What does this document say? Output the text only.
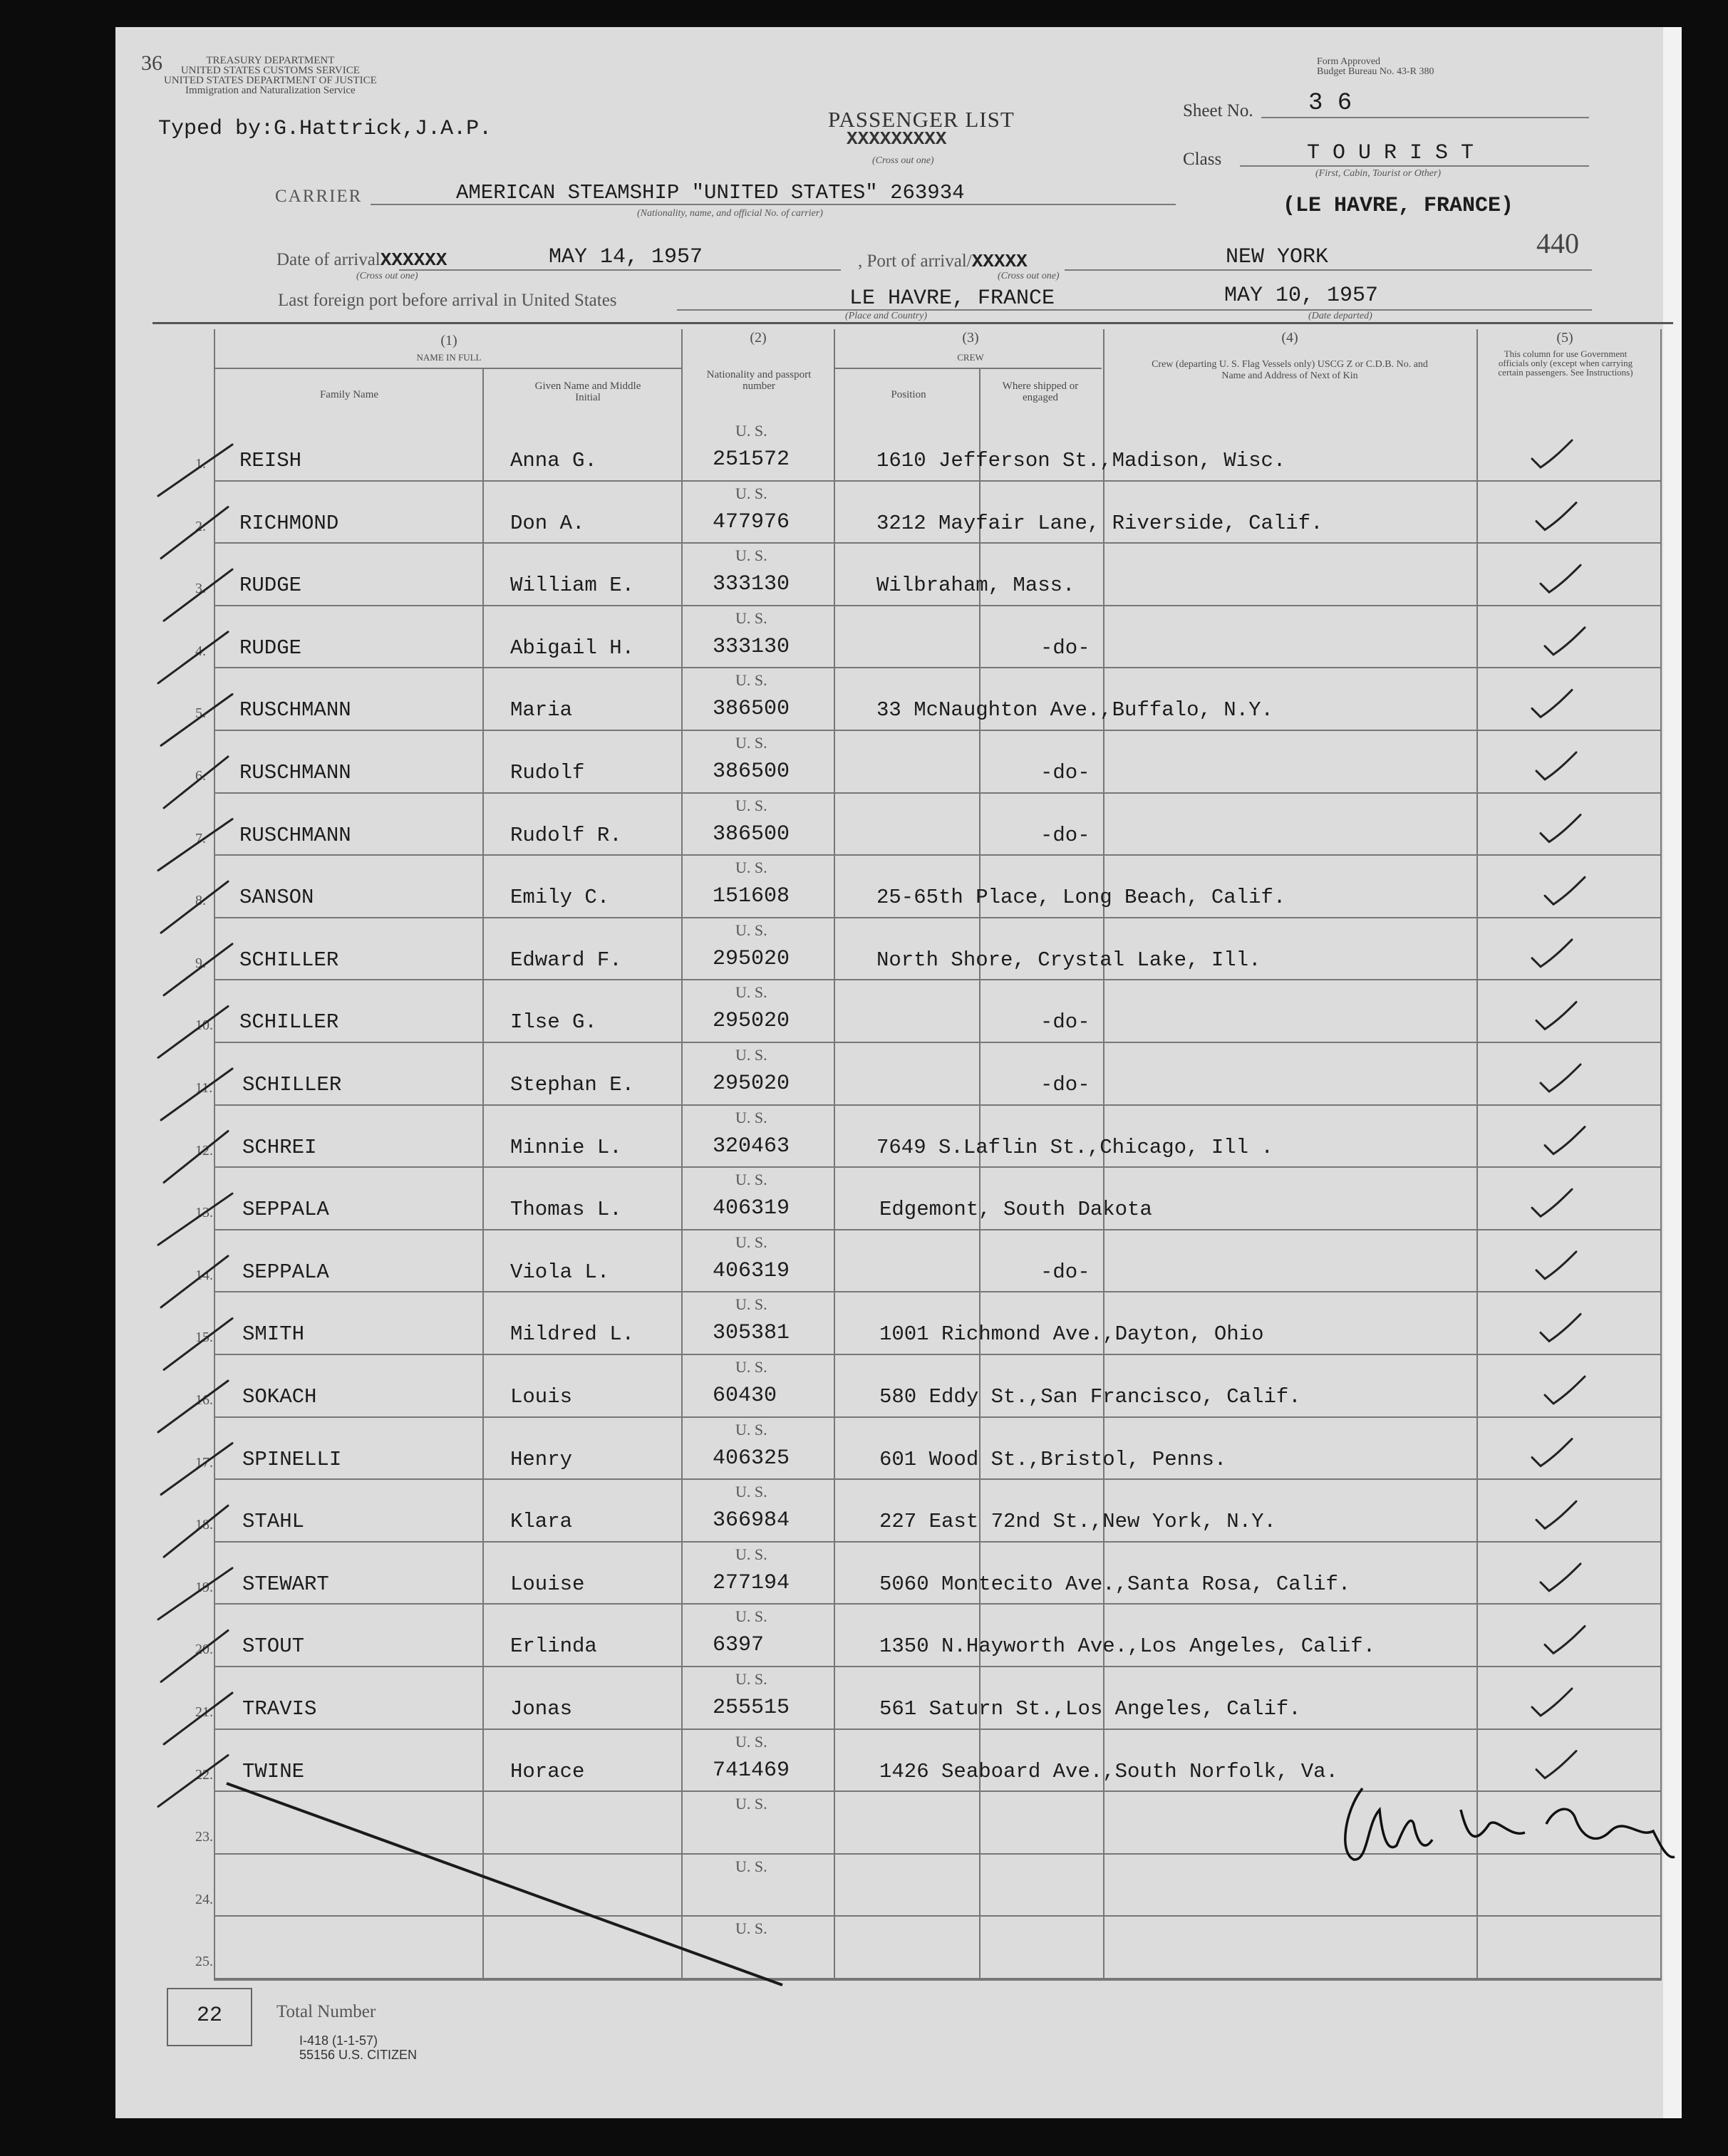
36	TREASURY DEPARTMENT
UNITED STATES CUSTOMS SERVICE
UNITED STATES DEPARTMENT OF JUSTICE
Immigration and Naturalization Service
Typed by:G.Hattrick,J.A.P.
Form Approved
Budget Bureau No. 43-R 380
PASSENGER LIST
XXXXXXXXX
(Cross out one)
Sheet No. 3 6
Class	T O U R I S T
(First, Cabin, Tourist or Other)
CARRIER	AMERICAN STEAMSHIP "UNITED STATES" 263934
(Nationality, name, and official No. of carrier)	(LE HAVRE, FRANCE)
440
Date of arrivalXXXXXX
(Cross out one)
MAY 14, 1957	, Port of arrival/XXXXX
(Cross out one)
NEW YORK
Last foreign port before arrival in United States	LE HAVRE, FRANCE
(Place and Country)
MAY 10, 1957
(Date departed)
(1)
NAME IN FULL
Family Name
Given Name and Middle Initial
(2)
Nationality and passport number
(3)
CREW
Position
Where shipped or engaged
(4)
Crew (departing U. S. Flag Vessels only) USCG Z or C.D.B. No. and Name and Address of Next of Kin
(5)
This column for use Government officials only (except when carrying certain passengers. See Instructions)
1.
U. S.
REISH	Anna G.	251572	1610 Jefferson St.,Madison, Wisc.
2.
U. S.
RICHMOND	Don A.	477976	3212 Mayfair Lane, Riverside, Calif.
3.
U. S.
RUDGE	William E.	333130	Wilbraham, Mass.
4.
U. S.
RUDGE	Abigail H.	333130	-do-
5.
U. S.
RUSCHMANN	Maria	386500	33 McNaughton Ave.,Buffalo, N.Y.
6.
U. S.
RUSCHMANN	Rudolf	386500	-do-
7.
U. S.
RUSCHMANN	Rudolf R.	386500	-do-
8.
U. S.
SANSON	Emily C.	151608	25-65th Place, Long Beach, Calif.
9.
U. S.
SCHILLER	Edward F.	295020	North Shore, Crystal Lake, Ill.
10.
U. S.
SCHILLER	Ilse G.	295020	-do-
11.
U. S.
SCHILLER	Stephan E.	295020	-do-
12.
U. S.
SCHREI	Minnie L.	320463	7649 S.Laflin St.,Chicago, Ill .
13.
U. S.
SEPPALA	Thomas L.	406319	Edgemont, South Dakota
14.
U. S.
SEPPALA	Viola L.	406319	-do-
15.
U. S.
SMITH	Mildred L.	305381	1001 Richmond Ave.,Dayton, Ohio
16.
U. S.
SOKACH	Louis	60430	580 Eddy St.,San Francisco, Calif.
17.
U. S.
SPINELLI	Henry	406325	601 Wood St.,Bristol, Penns.
18.
U. S.
STAHL	Klara	366984	227 East 72nd St.,New York, N.Y.
19.
U. S.
STEWART	Louise	277194	5060 Montecito Ave.,Santa Rosa, Calif.
20.
U. S.
STOUT	Erlinda	6397	1350 N.Hayworth Ave.,Los Angeles, Calif.
21.
U. S.
TRAVIS	Jonas	255515	561 Saturn St.,Los Angeles, Calif.
22.
U. S.
TWINE	Horace	741469	1426 Seaboard Ave.,South Norfolk, Va.
23.
U. S.
24.
U. S.
25.
U. S.
22	Total Number
I-418 (1-1-57)
55156 U.S. CITIZEN
